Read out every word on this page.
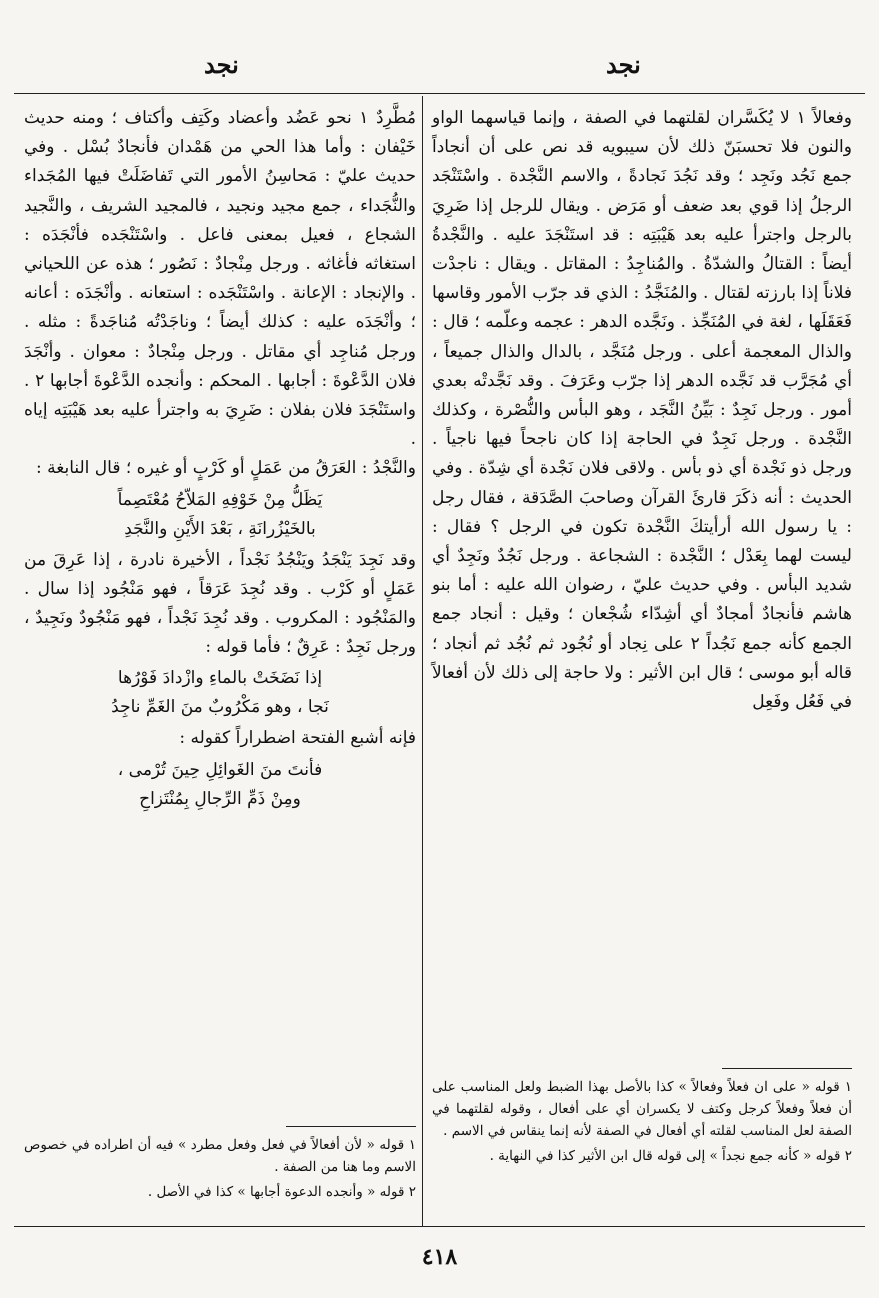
نجد	نجد

وفعالاً ١ لا يُكَسَّران لقلتهما في الصفة ، وإنما قياسهما الواو والنون فلا تحسبَنّ ذلك لأن سيبويه قد نص على أن أنجاداً جمع نَجُد ونَجِد ؛ وقد نَجُدَ نَجادةً ، والاسم النَّجْدة . واسْتَنْجَد الرجلُ إذا قوي بعد ضعف أو مَرَض . ويقال للرجل إذا ضَرِيَ بالرجل واجترأ عليه بعد هَيْبَتِه : قد استَنْجَدَ عليه . والنَّجْدةُ أيضاً : القتالُ والشدّةُ . والمُناجِدُ : المقاتل . ويقال : ناجدْت فلاناً إذا بارزته لقتال . والمُنَجَّدُ : الذي قد جرّب الأمور وقاسها فَعَقَلَها ، لغة في المُنَجِّذ . ونَجَّده الدهر : عجمه وعلّمه ؛ قال : والذال المعجمة أعلى . ورجل مُنَجَّد ، بالدال والذال جميعاً ، أي مُجَرَّب قد نَجَّده الدهر إذا جرّب وعَرَفَ . وقد نَجَّدتْه بعدي أمور . ورجل نَجِدٌ : بَيِّنُ النَّجَد ، وهو البأس والنُّصْرة ، وكذلك النَّجْدة . ورجل نَجِدٌ في الحاجة إذا كان ناجحاً فيها ناجياً . ورجل ذو نَجْدة أي ذو بأس . ولاقى فلان نَجْدة أي شِدّة . وفي الحديث : أنه ذكَرَ قارئَ القرآن وصاحبَ الصَّدَقة ، فقال رجل : يا رسول الله أرأيتكَ النَّجْدة تكون في الرجل ؟ فقال : ليست لهما بِعَدْل ؛ النَّجْدة : الشجاعة . ورجل نَجُدٌ ونَجِدٌ أي شديد البأس . وفي حديث عليّ ، رضوان الله عليه : أما بنو هاشم فأنجادٌ أمجادٌ أي أشِدّاء شُجْعان ؛ وقيل : أنجاد جمع الجمع كأنه جمع نَجُداً ٢ على نِجاد أو نُجُود ثم نُجُد ثم أنجاد ؛ قاله أبو موسى ؛ قال ابن الأثير : ولا حاجة إلى ذلك لأن أفعالاً في فَعُل وفَعِل

مُطَّرِدٌ ١ نحو عَضُد وأعضاد وكَتِف وأكتاف ؛ ومنه حديث خَيْفان : وأما هذا الحي من هَمْدان فأنجادٌ بُسْل . وفي حديث عليّ : مَحاسِنُ الأمور التي تَفاضَلَتْ فيها المُجَداء والنُّجَداء ، جمع مجيد ونجيد ، فالمجيد الشريف ، والنَّجيد الشجاع ، فعيل بمعنى فاعل . واسْتَنْجَده فأنْجَدَه : استغاثه فأغاثه . ورجل مِنْجادٌ : نَصُور ؛ هذه عن اللحياني . والإنجاد : الإعانة . واسْتَنْجَده : استعانه . وأنْجَدَه : أعانه ؛ وأنْجَدَه عليه : كذلك أيضاً ؛ وناجَدْتُه مُناجَدةً : مثله . ورجل مُناجِد أي مقاتل . ورجل مِنْجادٌ : معوان . وأنْجَدَ فلان الدَّعْوةَ : أجابها . المحكم : وأنجده الدَّعْوةَ أجابها ٢ . واستَنْجَدَ فلان بفلان : ضَرِيَ به واجترأ عليه بعد هَيْبَتِه إياه .

والنَّجْدُ : العَرَقُ من عَمَلٍ أو كَرْبٍ أو غيره ؛ قال النابغة :

يَظَلُّ مِنْ خَوْفِهِ المَلاّحُ مُعْتَصِماً
بالخَيْزُرانَةِ ، بَعْدَ الأَيْنِ والنَّجَدِ

وقد نَجِدَ يَنْجَدُ ويَنْجُدُ نَجْداً ، الأخيرة نادرة ، إذا عَرِقَ من عَمَلٍ أو كَرْب . وقد نُجِدَ عَرَقاً ، فهو مَنْجُود إذا سال . والمَنْجُود : المكروب . وقد نُجِدَ نَجْداً ، فهو مَنْجُودٌ ونَجِيدٌ ، ورجل نَجِدٌ : عَرِقٌ ؛ فأما قوله :

إذا نَضَخَتْ بالماءِ وازْدادَ فَوْرُها
نَجا ، وهو مَكْرُوبٌ منَ الغَمِّ ناجِدُ

فإنه أشبع الفتحة اضطراراً كقوله :

فأنتَ منَ الغَوائِلِ حِينَ تُرْمى ،
ومِنْ ذَمِّ الرِّجالِ بِمُنْتَزاحِ

١ قوله « على ان فعلاً وفعالاً » كذا بالأصل بهذا الضبط ولعل المناسب على أن فعلاً وفعلاً كرجل وكتف لا يكسران أي على أفعال ، وقوله لقلتهما في الصفة لعل المناسب لقلته أي أفعال في الصفة لأنه إنما ينقاس في الاسم .

٢ قوله « كأنه جمع نجداً » إلى قوله قال ابن الأثير كذا في النهاية .

١ قوله « لأن أفعالاً في فعل وفعل مطرد » فيه أن اطراده في خصوص الاسم وما هنا من الصفة .

٢ قوله « وأنجده الدعوة أجابها » كذا في الأصل .

٤١٨
